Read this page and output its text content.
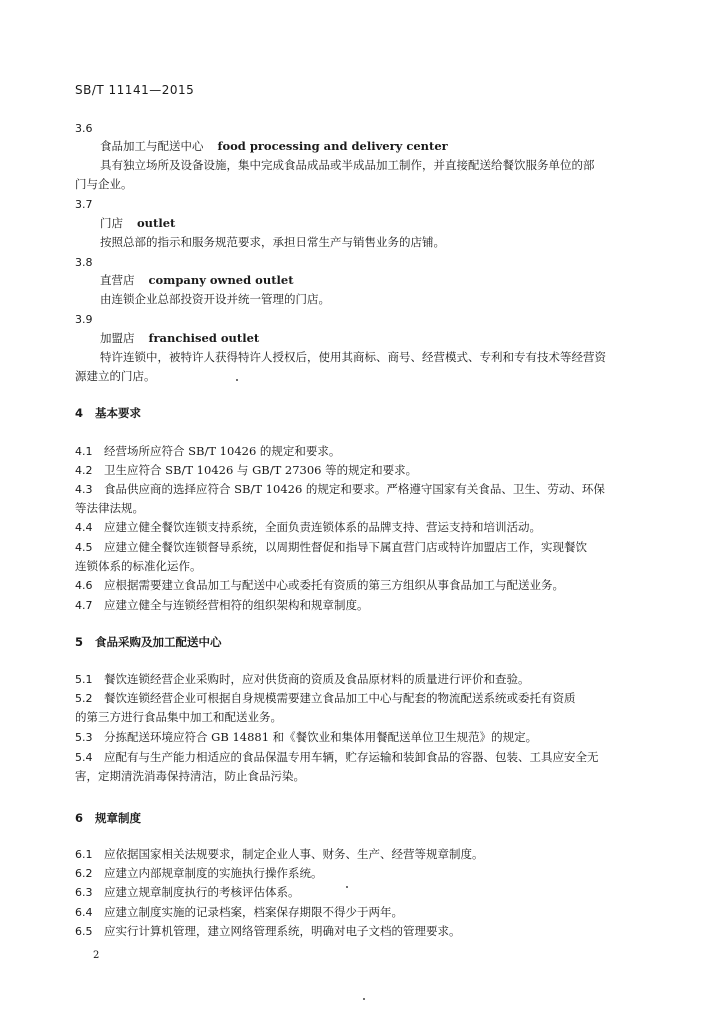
SB/T 11141—2015
3.6
食品加工与配送中心 food processing and delivery center
具有独立场所及设备设施，集中完成食品成品或半成品加工制作，并直接配送给餐饮服务单位的部
门与企业。
3.7
门店 outlet
按照总部的指示和服务规范要求，承担日常生产与销售业务的店铺。
3.8
直营店 company owned outlet
由连锁企业总部投资开设并统一管理的门店。
3.9
加盟店 franchised outlet
特许连锁中，被特许人获得特许人授权后，使用其商标、商号、经营模式、专利和专有技术等经营资
源建立的门店。
4 基本要求
4.1 经营场所应符合 SB/T 10426 的规定和要求。
4.2 卫生应符合 SB/T 10426 与 GB/T 27306 等的规定和要求。
4.3 食品供应商的选择应符合 SB/T 10426 的规定和要求。严格遵守国家有关食品、卫生、劳动、环保
等法律法规。
4.4 应建立健全餐饮连锁支持系统，全面负责连锁体系的品牌支持、营运支持和培训活动。
4.5 应建立健全餐饮连锁督导系统，以周期性督促和指导下属直营门店或特许加盟店工作，实现餐饮
连锁体系的标准化运作。
4.6 应根据需要建立食品加工与配送中心或委托有资质的第三方组织从事食品加工与配送业务。
4.7 应建立健全与连锁经营相符的组织架构和规章制度。
5 食品采购及加工配送中心
5.1 餐饮连锁经营企业采购时，应对供货商的资质及食品原材料的质量进行评价和查验。
5.2 餐饮连锁经营企业可根据自身规模需要建立食品加工中心与配套的物流配送系统或委托有资质
的第三方进行食品集中加工和配送业务。
5.3 分拣配送环境应符合 GB 14881 和《餐饮业和集体用餐配送单位卫生规范》的规定。
5.4 应配有与生产能力相适应的食品保温专用车辆，贮存运输和装卸食品的容器、包装、工具应安全无
害，定期清洗消毒保持清洁，防止食品污染。
6 规章制度
6.1 应依据国家相关法规要求，制定企业人事、财务、生产、经营等规章制度。
6.2 应建立内部规章制度的实施执行操作系统。
6.3 应建立规章制度执行的考核评估体系。
6.4 应建立制度实施的记录档案，档案保存期限不得少于两年。
6.5 应实行计算机管理，建立网络管理系统，明确对电子文档的管理要求。
2
